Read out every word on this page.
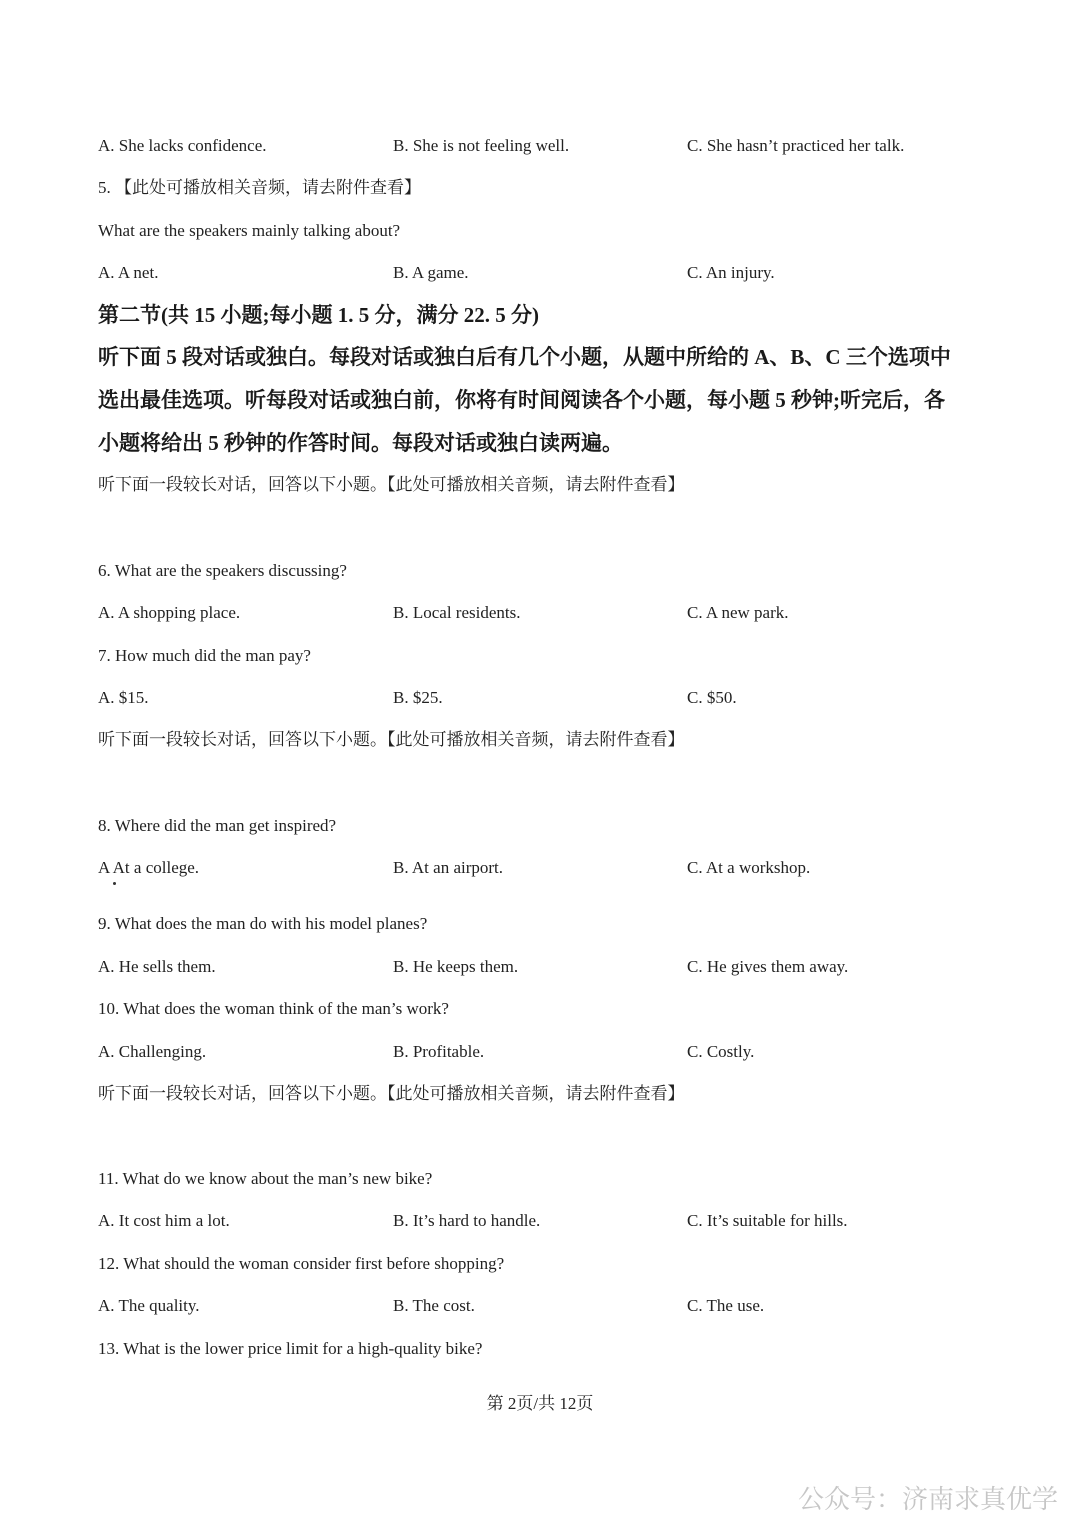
A. She lacks confidence.	B. She is not feeling well.	C. She hasn’t practiced her talk.
5. 【此处可播放相关音频，请去附件查看】
What are the speakers mainly talking about?
A. A net.	B. A game.	C. An injury.
第二节(共 15 小题;每小题 1. 5 分，满分 22. 5 分)

听下面 5 段对话或独白。每段对话或独白后有几个小题，从题中所给的 A、B、C 三个选项中

选出最佳选项。听每段对话或独白前，你将有时间阅读各个小题，每小题 5 秒钟;听完后，各

小题将给出 5 秒钟的作答时间。每段对话或独白读两遍。

听下面一段较长对话，回答以下小题。【此处可播放相关音频，请去附件查看】
6. What are the speakers discussing?
A. A shopping place.	B. Local residents.	C. A new park.
7. How much did the man pay?
A. $15.	B. $25.	C. $50.
听下面一段较长对话，回答以下小题。【此处可播放相关音频，请去附件查看】
8. Where did the man get inspired?
A At a college.	B. At an airport.	C. At a workshop.
9. What does the man do with his model planes?
A. He sells them.	B. He keeps them.	C. He gives them away.
10. What does the woman think of the man’s work?
A. Challenging.	B. Profitable.	C. Costly.
听下面一段较长对话，回答以下小题。【此处可播放相关音频，请去附件查看】
11. What do we know about the man’s new bike?
A. It cost him a lot.	B. It’s hard to handle.	C. It’s suitable for hills.
12. What should the woman consider first before shopping?
A. The quality.	B. The cost.	C. The use.
13. What is the lower price limit for a high-quality bike?
第 2页/共 12页
公众号：济南求真优学
